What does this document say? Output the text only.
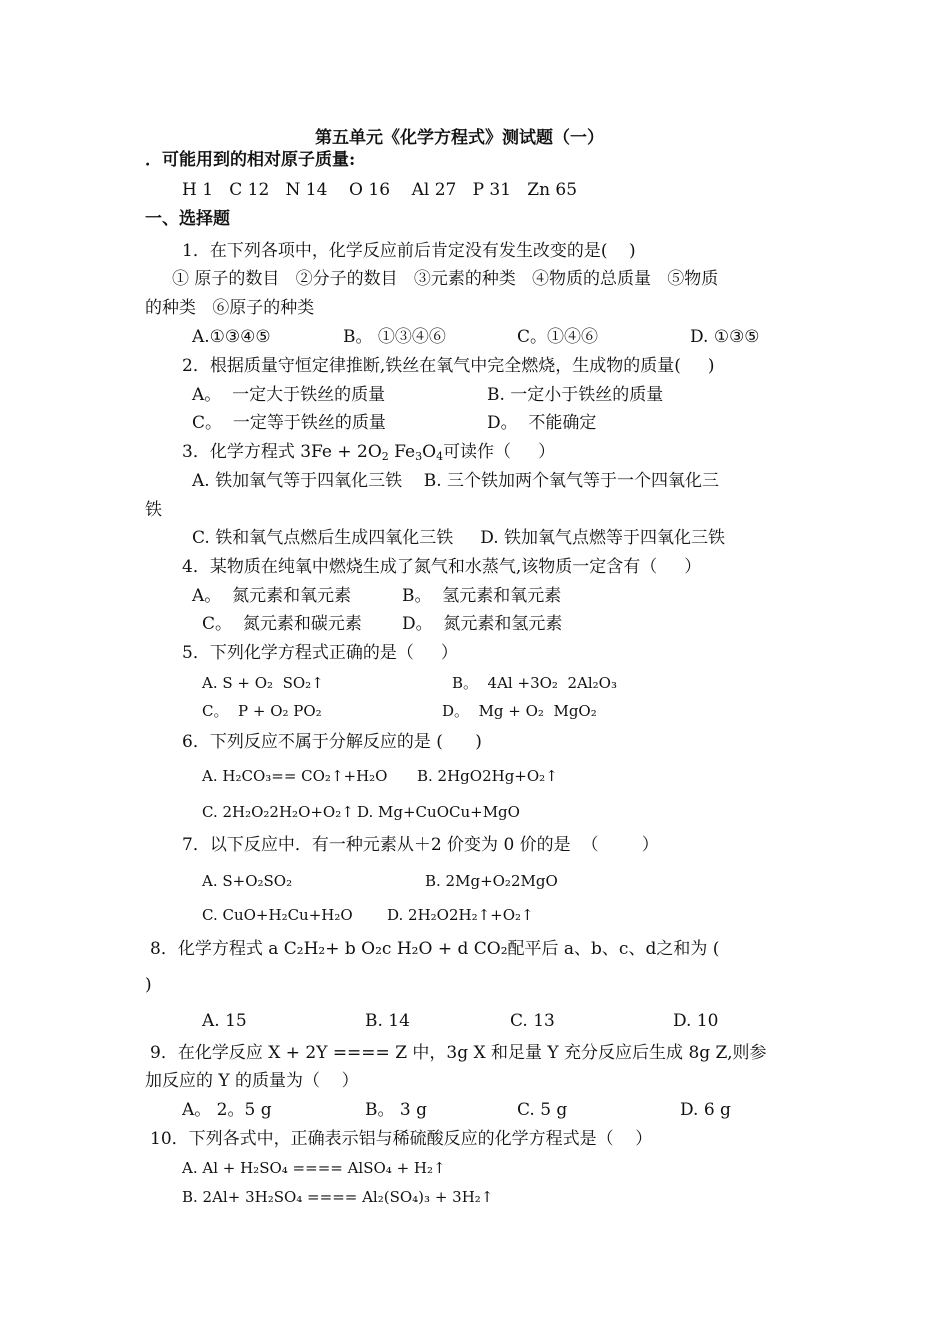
第五单元《化学方程式》测试题（一）
．可能用到的相对原子质量:
H 1   C 12   N 14    O 16    Al 27   P 31   Zn 65
一、选择题
1．在下列各项中，化学反应前后肯定没有发生改变的是(    )
① 原子的数目   ②分子的数目   ③元素的种类   ④物质的总质量   ⑤物质
的种类   ⑥原子的种类
A.①③④⑤	B。 ①③④⑥	C。①④⑥	D. ①③⑤
2．根据质量守恒定律推断,铁丝在氧气中完全燃烧，生成物的质量(     )
A。  一定大于铁丝的质量	B. 一定小于铁丝的质量
C。  一定等于铁丝的质量	D。  不能确定
3．化学方程式 $3Fe + 2O_2$ $Fe_3O_4$可读作（     ）
A. 铁加氧气等于四氧化三铁    B. 三个铁加两个氧气等于一个四氧化三
铁
C. 铁和氧气点燃后生成四氧化三铁     D. 铁加氧气点燃等于四氧化三铁
4．某物质在纯氧中燃烧生成了氮气和水蒸气,该物质一定含有（     ）
A。  氮元素和氧元素	B。  氢元素和氧元素
C。  氮元素和碳元素 D。  氮元素和氢元素
5．下列化学方程式正确的是（     ）
A. S + O₂  SO₂↑	B。  4Al +3O₂  2Al₂O₃
C。  P + O₂ PO₂	D。  Mg + O₂  MgO₂
6．下列反应不属于分解反应的是 (      )
A. H₂CO₃== CO₂↑+H₂O B. 2HgO2Hg+O₂↑
C. 2H₂O₂2H₂O+O₂↑ D. Mg+CuOCu+MgO
7．以下反应中．有一种元素从＋2 价变为 0 价的是  （        ）
A. S+O₂SO₂	B. 2Mg+O₂2MgO
C. CuO+H₂Cu+H₂O D. 2H₂O2H₂↑+O₂↑
8．化学方程式 a C₂H₂+ b O₂c H₂O + d CO₂配平后 a、b、c、d之和为 (
)
A. 15	B. 14	C. 13	D. 10
9．在化学反应 X + 2Y ==== Z 中，3g X 和足量 Y 充分反应后生成 8g Z,则参
加反应的 Y 的质量为（    ）
A。 2。5 g	B。 3 g	C. 5 g	D. 6 g
10．下列各式中，正确表示铝与稀硫酸反应的化学方程式是（    ）
A. Al + H₂SO₄ ==== AlSO₄ + H₂↑
B. 2Al+ 3H₂SO₄ ==== Al₂(SO₄)₃ + 3H₂↑
